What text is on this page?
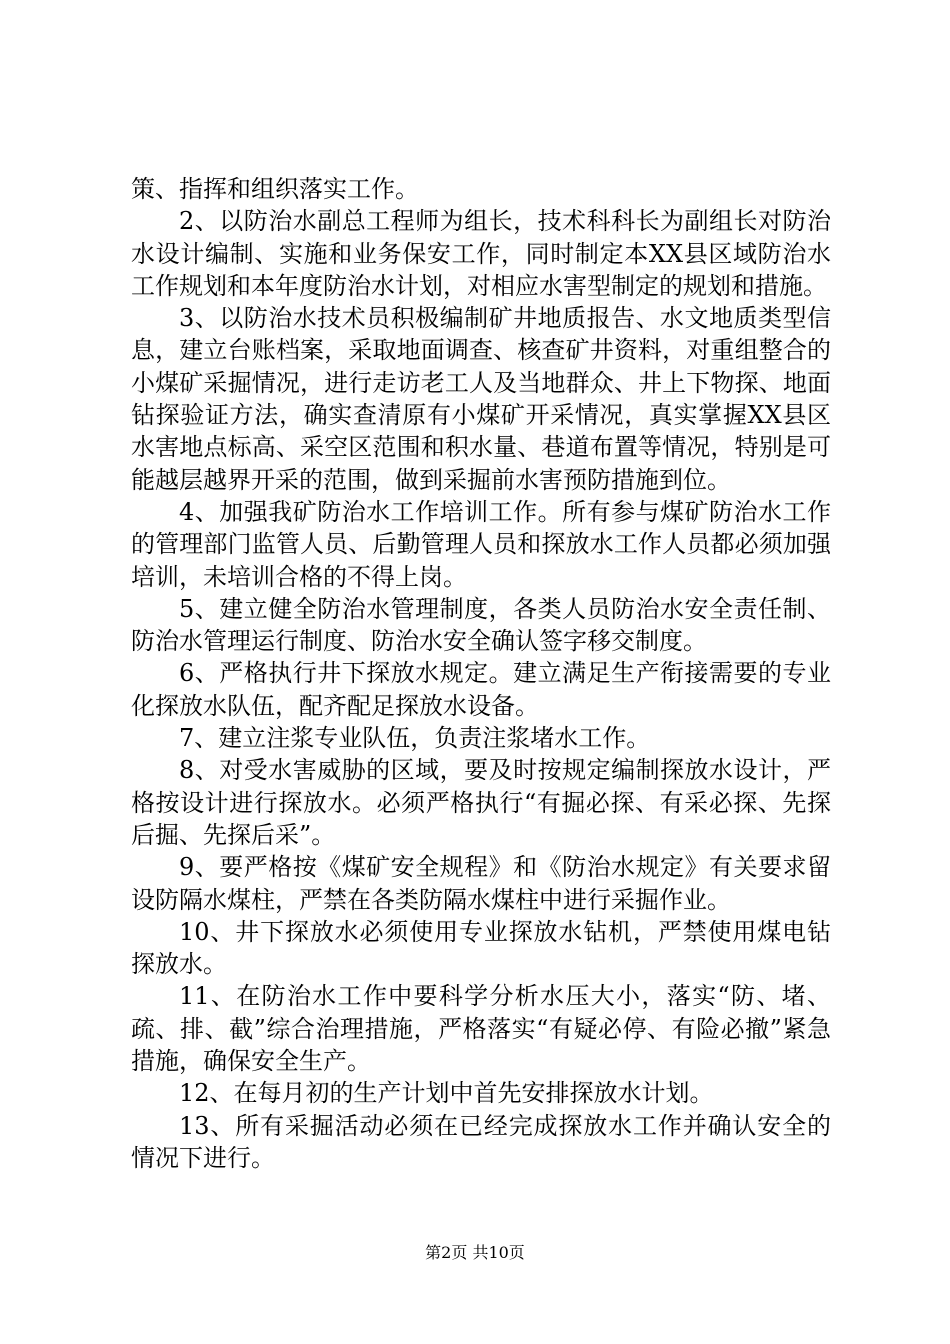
策、指挥和组织落实工作。

2、以防治水副总工程师为组长，技术科科长为副组长对防治水设计编制、实施和业务保安工作，同时制定本XX县区域防治水工作规划和本年度防治水计划，对相应水害型制定的规划和措施。

3、以防治水技术员积极编制矿井地质报告、水文地质类型信息，建立台账档案，采取地面调查、核查矿井资料，对重组整合的小煤矿采掘情况，进行走访老工人及当地群众、井上下物探、地面钻探验证方法，确实查清原有小煤矿开采情况，真实掌握XX县区水害地点标高、采空区范围和积水量、巷道布置等情况，特别是可能越层越界开采的范围，做到采掘前水害预防措施到位。

4、加强我矿防治水工作培训工作。所有参与煤矿防治水工作的管理部门监管人员、后勤管理人员和探放水工作人员都必须加强培训，未培训合格的不得上岗。

5、建立健全防治水管理制度，各类人员防治水安全责任制、防治水管理运行制度、防治水安全确认签字移交制度。

6、严格执行井下探放水规定。建立满足生产衔接需要的专业化探放水队伍，配齐配足探放水设备。

7、建立注浆专业队伍，负责注浆堵水工作。

8、对受水害威胁的区域，要及时按规定编制探放水设计，严格按设计进行探放水。必须严格执行“有掘必探、有采必探、先探后掘、先探后采”。

9、要严格按《煤矿安全规程》和《防治水规定》有关要求留设防隔水煤柱，严禁在各类防隔水煤柱中进行采掘作业。

10、井下探放水必须使用专业探放水钻机，严禁使用煤电钻探放水。

11、在防治水工作中要科学分析水压大小，落实“防、堵、疏、排、截”综合治理措施，严格落实“有疑必停、有险必撤”紧急措施，确保安全生产。

12、在每月初的生产计划中首先安排探放水计划。

13、所有采掘活动必须在已经完成探放水工作并确认安全的情况下进行。

第2页 共10页
